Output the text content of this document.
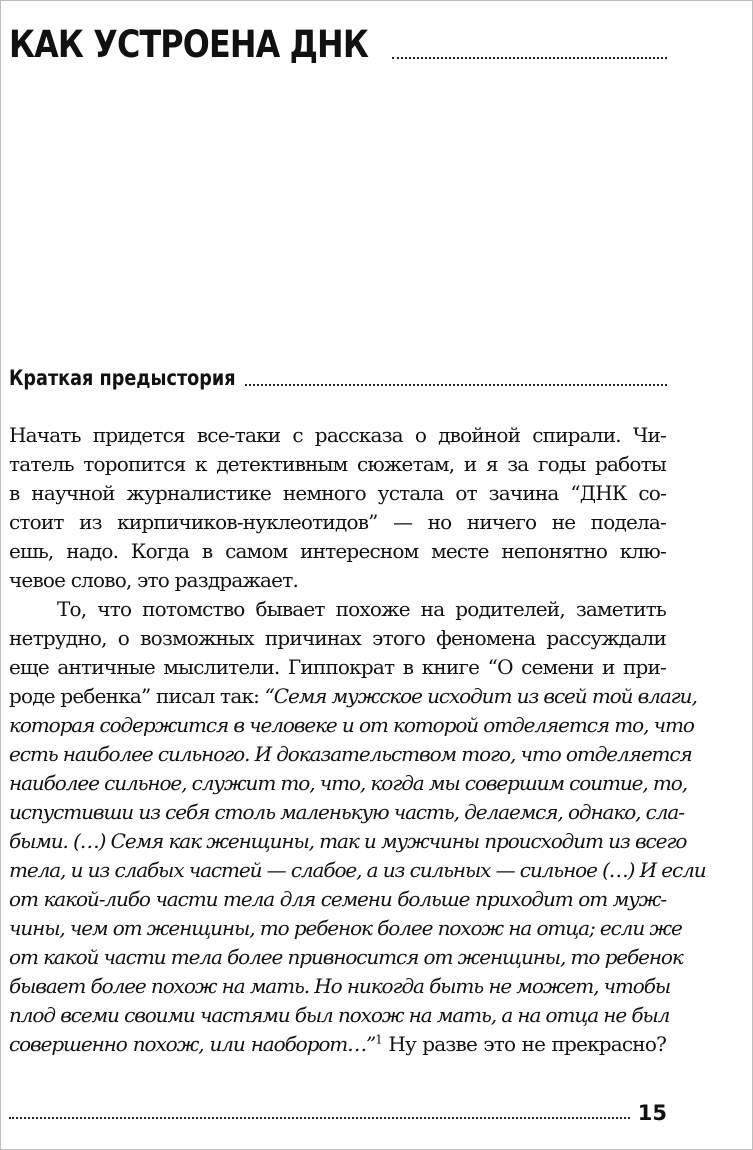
КАК УСТРОЕНА ДНК
Краткая предыстория
Начать придется все-таки с рассказа о двойной спирали. Чи-
татель торопится к детективным сюжетам, и я за годы работы
в научной журналистике немного устала от зачина “ДНК со-
стоит из кирпичиков-нуклеотидов” — но ничего не подела-
ешь, надо. Когда в самом интересном месте непонятно клю-
чевое слово, это раздражает.
То, что потомство бывает похоже на родителей, заметить
нетрудно, о возможных причинах этого феномена рассуждали
еще античные мыслители. Гиппократ в книге “О семени и при-
роде ребенка” писал так: “Семя мужское исходит из всей той влаги,
которая содержится в человеке и от которой отделяется то, что
есть наиболее сильного. И доказательством того, что отделяется
наиболее сильное, служит то, что, когда мы совершим соитие, то,
испустивши из себя столь маленькую часть, делаемся, однако, сла-
быми. (…) Семя как женщины, так и мужчины происходит из всего
тела, и из слабых частей — слабое, а из сильных — сильное (…) И если
от какой-либо части тела для семени больше приходит от муж-
чины, чем от женщины, то ребенок более похож на отца; если же
от какой части тела более привносится от женщины, то ребенок
бывает более похож на мать. Но никогда быть не может, чтобы
плод всеми своими частями был похож на мать, а на отца не был
совершенно похож, или наоборот…”$^1$ Ну разве это не прекрасно?
15
